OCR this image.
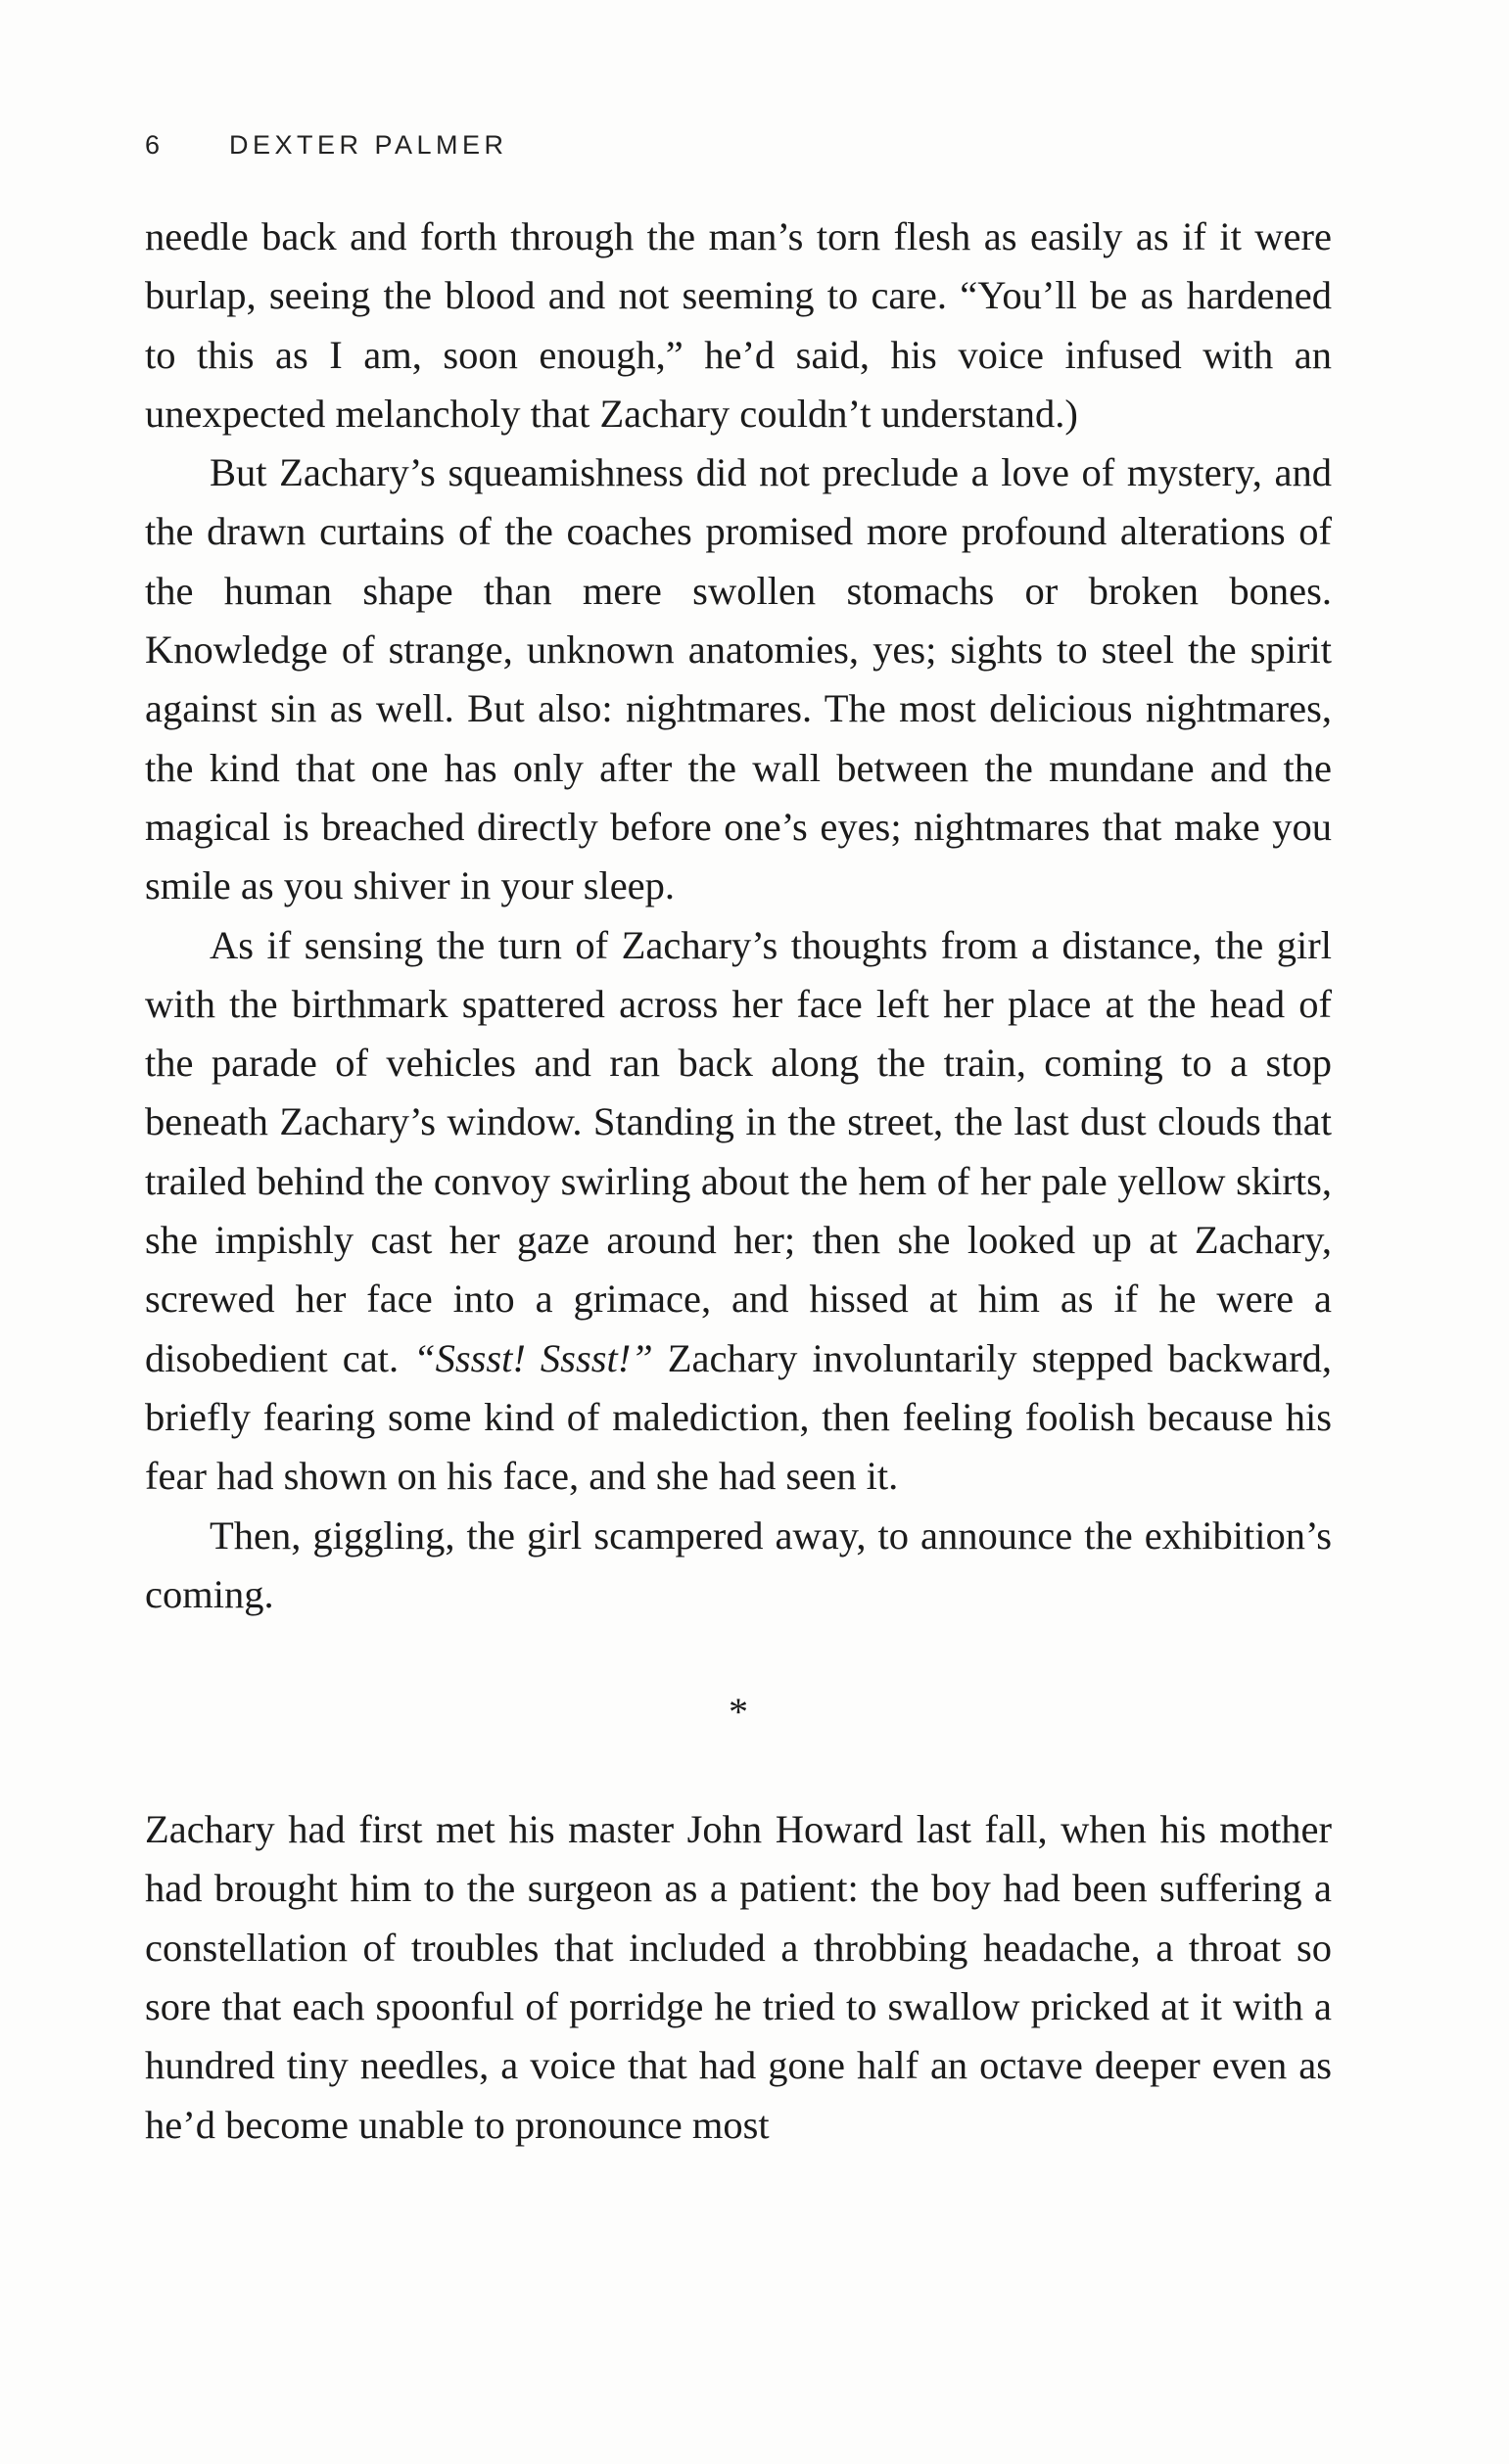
6 DEXTER PALMER

needle back and forth through the man’s torn flesh as easily as if it were burlap, seeing the blood and not seeming to care. “You’ll be as hardened to this as I am, soon enough,” he’d said, his voice infused with an unexpected melancholy that Zachary couldn’t understand.)

But Zachary’s squeamishness did not preclude a love of mystery, and the drawn curtains of the coaches promised more profound alterations of the human shape than mere swollen stomachs or broken bones. Knowledge of strange, unknown anatomies, yes; sights to steel the spirit against sin as well. But also: nightmares. The most delicious nightmares, the kind that one has only after the wall between the mundane and the magical is breached directly before one’s eyes; nightmares that make you smile as you shiver in your sleep.

As if sensing the turn of Zachary’s thoughts from a distance, the girl with the birthmark spattered across her face left her place at the head of the parade of vehicles and ran back along the train, coming to a stop beneath Zachary’s window. Standing in the street, the last dust clouds that trailed behind the convoy swirling about the hem of her pale yellow skirts, she impishly cast her gaze around her; then she looked up at Zachary, screwed her face into a grimace, and hissed at him as if he were a disobedient cat. “Sssst! Sssst!” Zachary involuntarily stepped backward, briefly fearing some kind of malediction, then feeling foolish because his fear had shown on his face, and she had seen it.

Then, giggling, the girl scampered away, to announce the exhibition’s coming.

*

Zachary had first met his master John Howard last fall, when his mother had brought him to the surgeon as a patient: the boy had been suffering a constellation of troubles that included a throbbing headache, a throat so sore that each spoonful of porridge he tried to swallow pricked at it with a hundred tiny needles, a voice that had gone half an octave deeper even as he’d become unable to pronounce most
